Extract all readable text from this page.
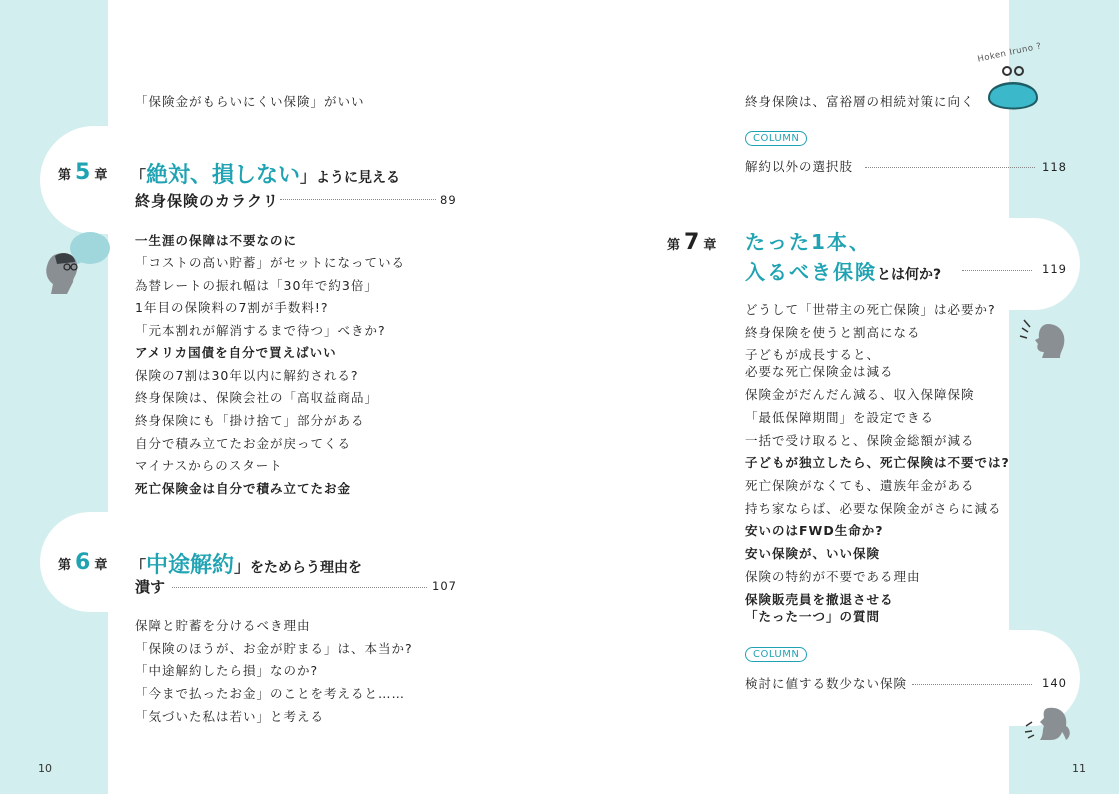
「保険金がもらいにくい保険」がいい
第 5 章 「絶対、損しない」ように見える
終身保険のカラクリ	89
一生涯の保障は不要なのに
「コストの高い貯蓄」がセットになっている
為替レートの振れ幅は「30年で約3倍」
1年目の保険料の7割が手数料!?
「元本割れが解消するまで待つ」べきか?
アメリカ国債を自分で買えばいい
保険の7割は30年以内に解約される?
終身保険は、保険会社の「高収益商品」
終身保険にも「掛け捨て」部分がある
自分で積み立てたお金が戻ってくる
マイナスからのスタート
死亡保険金は自分で積み立てたお金
第 6 章 「中途解約」をためらう理由を
潰す	107
保障と貯蓄を分けるべき理由
「保険のほうが、お金が貯まる」は、本当か?
「中途解約したら損」なのか?
「今まで払ったお金」のことを考えると……
「気づいた私は若い」と考える
10
終身保険は、富裕層の相続対策に向く
COLUMN
解約以外の選択肢	118
第 7 章 たった1本、
入るべき保険とは何か?	119
どうして「世帯主の死亡保険」は必要か?
終身保険を使うと割高になる
子どもが成長すると、
必要な死亡保険金は減る
保険金がだんだん減る、収入保障保険
「最低保障期間」を設定できる
一括で受け取ると、保険金総額が減る
子どもが独立したら、死亡保険は不要では?
死亡保険がなくても、遺族年金がある
持ち家ならば、必要な保険金がさらに減る
安いのはFWD生命か?
安い保険が、いい保険
保険の特約が不要である理由
保険販売員を撤退させる
「たった一つ」の質問
COLUMN
検討に値する数少ない保険	140
11
Hoken Iruno ?
